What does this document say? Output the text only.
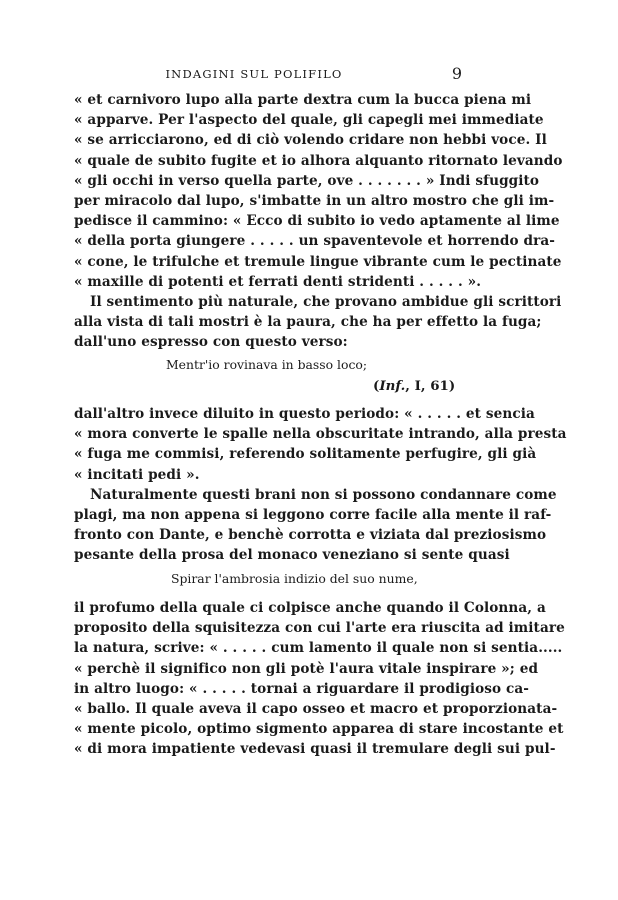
INDAGINI SUL POLIFILO	9
« et carnivoro lupo alla parte dextra cum la bucca piena mi
« apparve. Per l'aspecto del quale, gli capegli mei immediate
« se arricciarono, ed di ciò volendo cridare non hebbi voce. Il
« quale de subito fugite et io alhora alquanto ritornato levando
« gli occhi in verso quella parte, ove . . . . . . . » Indi sfuggito
per miracolo dal lupo, s'imbatte in un altro mostro che gli im-
pedisce il cammino: « Ecco di subito io vedo aptamente al lime
« della porta giungere . . . . . un spaventevole et horrendo dra-
« cone, le trifulche et tremule lingue vibrante cum le pectinate
« maxille di potenti et ferrati denti stridenti . . . . . ».
Il sentimento più naturale, che provano ambidue gli scrittori
alla vista di tali mostri è la paura, che ha per effetto la fuga;
dall'uno espresso con questo verso:
Mentr'io rovinava in basso loco;
(Inf., I, 61)
dall'altro invece diluito in questo periodo: « . . . . . et sencia
« mora converte le spalle nella obscuritate intrando, alla presta
« fuga me commisi, referendo solitamente perfugire, gli già
« incitati pedi ».
Naturalmente questi brani non si possono condannare come
plagi, ma non appena si leggono corre facile alla mente il raf-
fronto con Dante, e benchè corrotta e viziata dal preziosismo
pesante della prosa del monaco veneziano si sente quasi
Spirar l'ambrosia indizio del suo nume,
il profumo della quale ci colpisce anche quando il Colonna, a
proposito della squisitezza con cui l'arte era riuscita ad imitare
la natura, scrive: « . . . . . cum lamento il quale non si sentia.....
« perchè il significo non gli potè l'aura vitale inspirare »; ed
in altro luogo: « . . . . . tornai a riguardare il prodigioso ca-
« ballo. Il quale aveva il capo osseo et macro et proporzionata-
« mente picolo, optimo sigmento apparea di stare incostante et
« di mora impatiente vedevasi quasi il tremulare degli sui pul-
